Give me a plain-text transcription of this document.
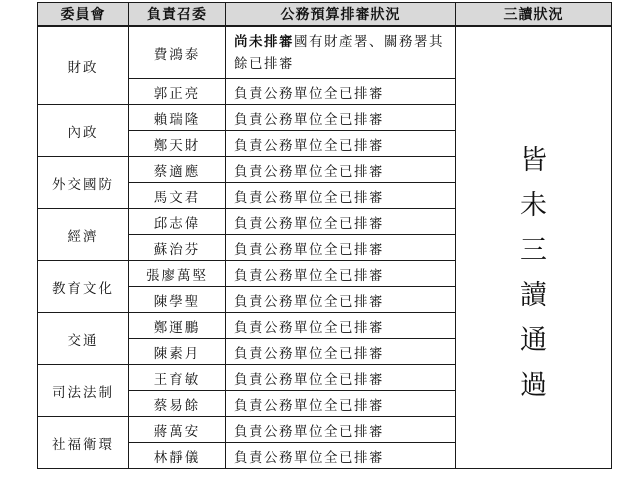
委員會	負責召委	公務預算排審狀況	三讀狀況
財政	費鴻泰	尚未排審國有財產署、關務署其餘已排審	皆未三讀通過
	郭正亮	負責公務單位全已排審	
內政	賴瑞隆	負責公務單位全已排審	
	鄭天財	負責公務單位全已排審	
外交國防	蔡適應	負責公務單位全已排審	
	馬文君	負責公務單位全已排審	
經濟	邱志偉	負責公務單位全已排審	
	蘇治芬	負責公務單位全已排審	
教育文化	張廖萬堅	負責公務單位全已排審	
	陳學聖	負責公務單位全已排審	
交通	鄭運鵬	負責公務單位全已排審	
	陳素月	負責公務單位全已排審	
司法法制	王育敏	負責公務單位全已排審	
	蔡易餘	負責公務單位全已排審	
社福衛環	蔣萬安	負責公務單位全已排審	
	林靜儀	負責公務單位全已排審	
